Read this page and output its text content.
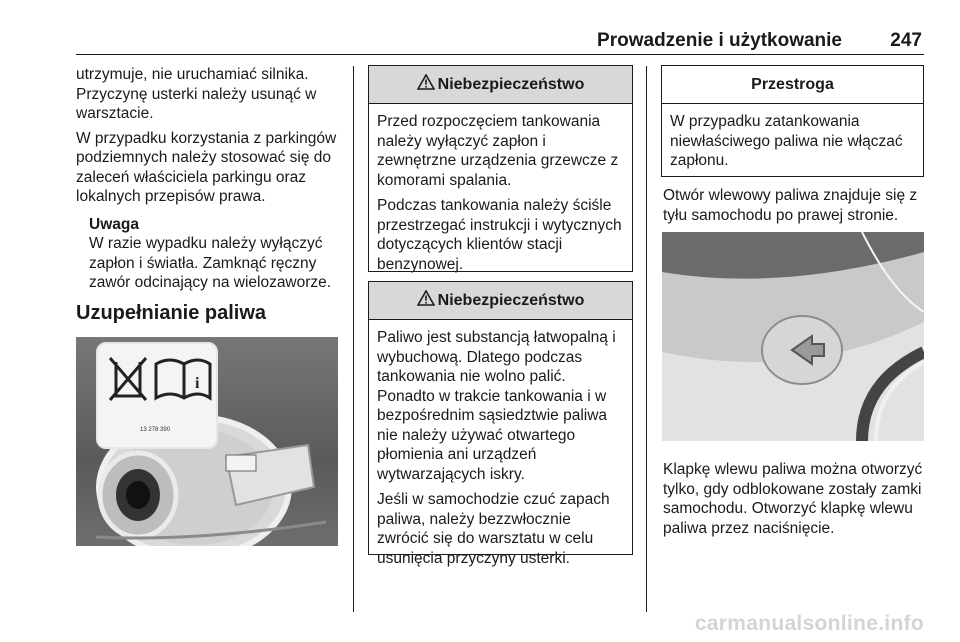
Prowadzenie i użytkowanie	247

utrzymuje, nie uruchamiać silnika. Przyczynę usterki należy usunąć w warsztacie.

W przypadku korzystania z parkingów podziemnych należy stosować się do zaleceń właściciela parkingu oraz lokalnych przepisów prawa.

Uwaga
W razie wypadku należy wyłączyć zapłon i światła. Zamknąć ręczny zawór odcinający na wielozaworze.
Uzupełnianie paliwa
i
13 278 390
Niebezpieczeństwo

Przed rozpoczęciem tankowania należy wyłączyć zapłon i zewnętrzne urządzenia grzewcze z komorami spalania.

Podczas tankowania należy ściśle przestrzegać instrukcji i wytycznych dotyczących klientów stacji benzynowej.

Niebezpieczeństwo

Paliwo jest substancją łatwopalną i wybuchową. Dlatego podczas tankowania nie wolno palić. Ponadto w trakcie tankowania i w bezpośrednim sąsiedztwie paliwa nie należy używać otwartego płomienia ani urządzeń wytwarzających iskry.

Jeśli w samochodzie czuć zapach paliwa, należy bezzwłocznie zwrócić się do warsztatu w celu usunięcia przyczyny usterki.

Przestroga

W przypadku zatankowania niewłaściwego paliwa nie włączać zapłonu.

Otwór wlewowy paliwa znajduje się z tyłu samochodu po prawej stronie.
Klapkę wlewu paliwa można otworzyć tylko, gdy odblokowane zostały zamki samochodu. Otworzyć klapkę wlewu paliwa przez naciśnięcie.
carmanualsonline.info
